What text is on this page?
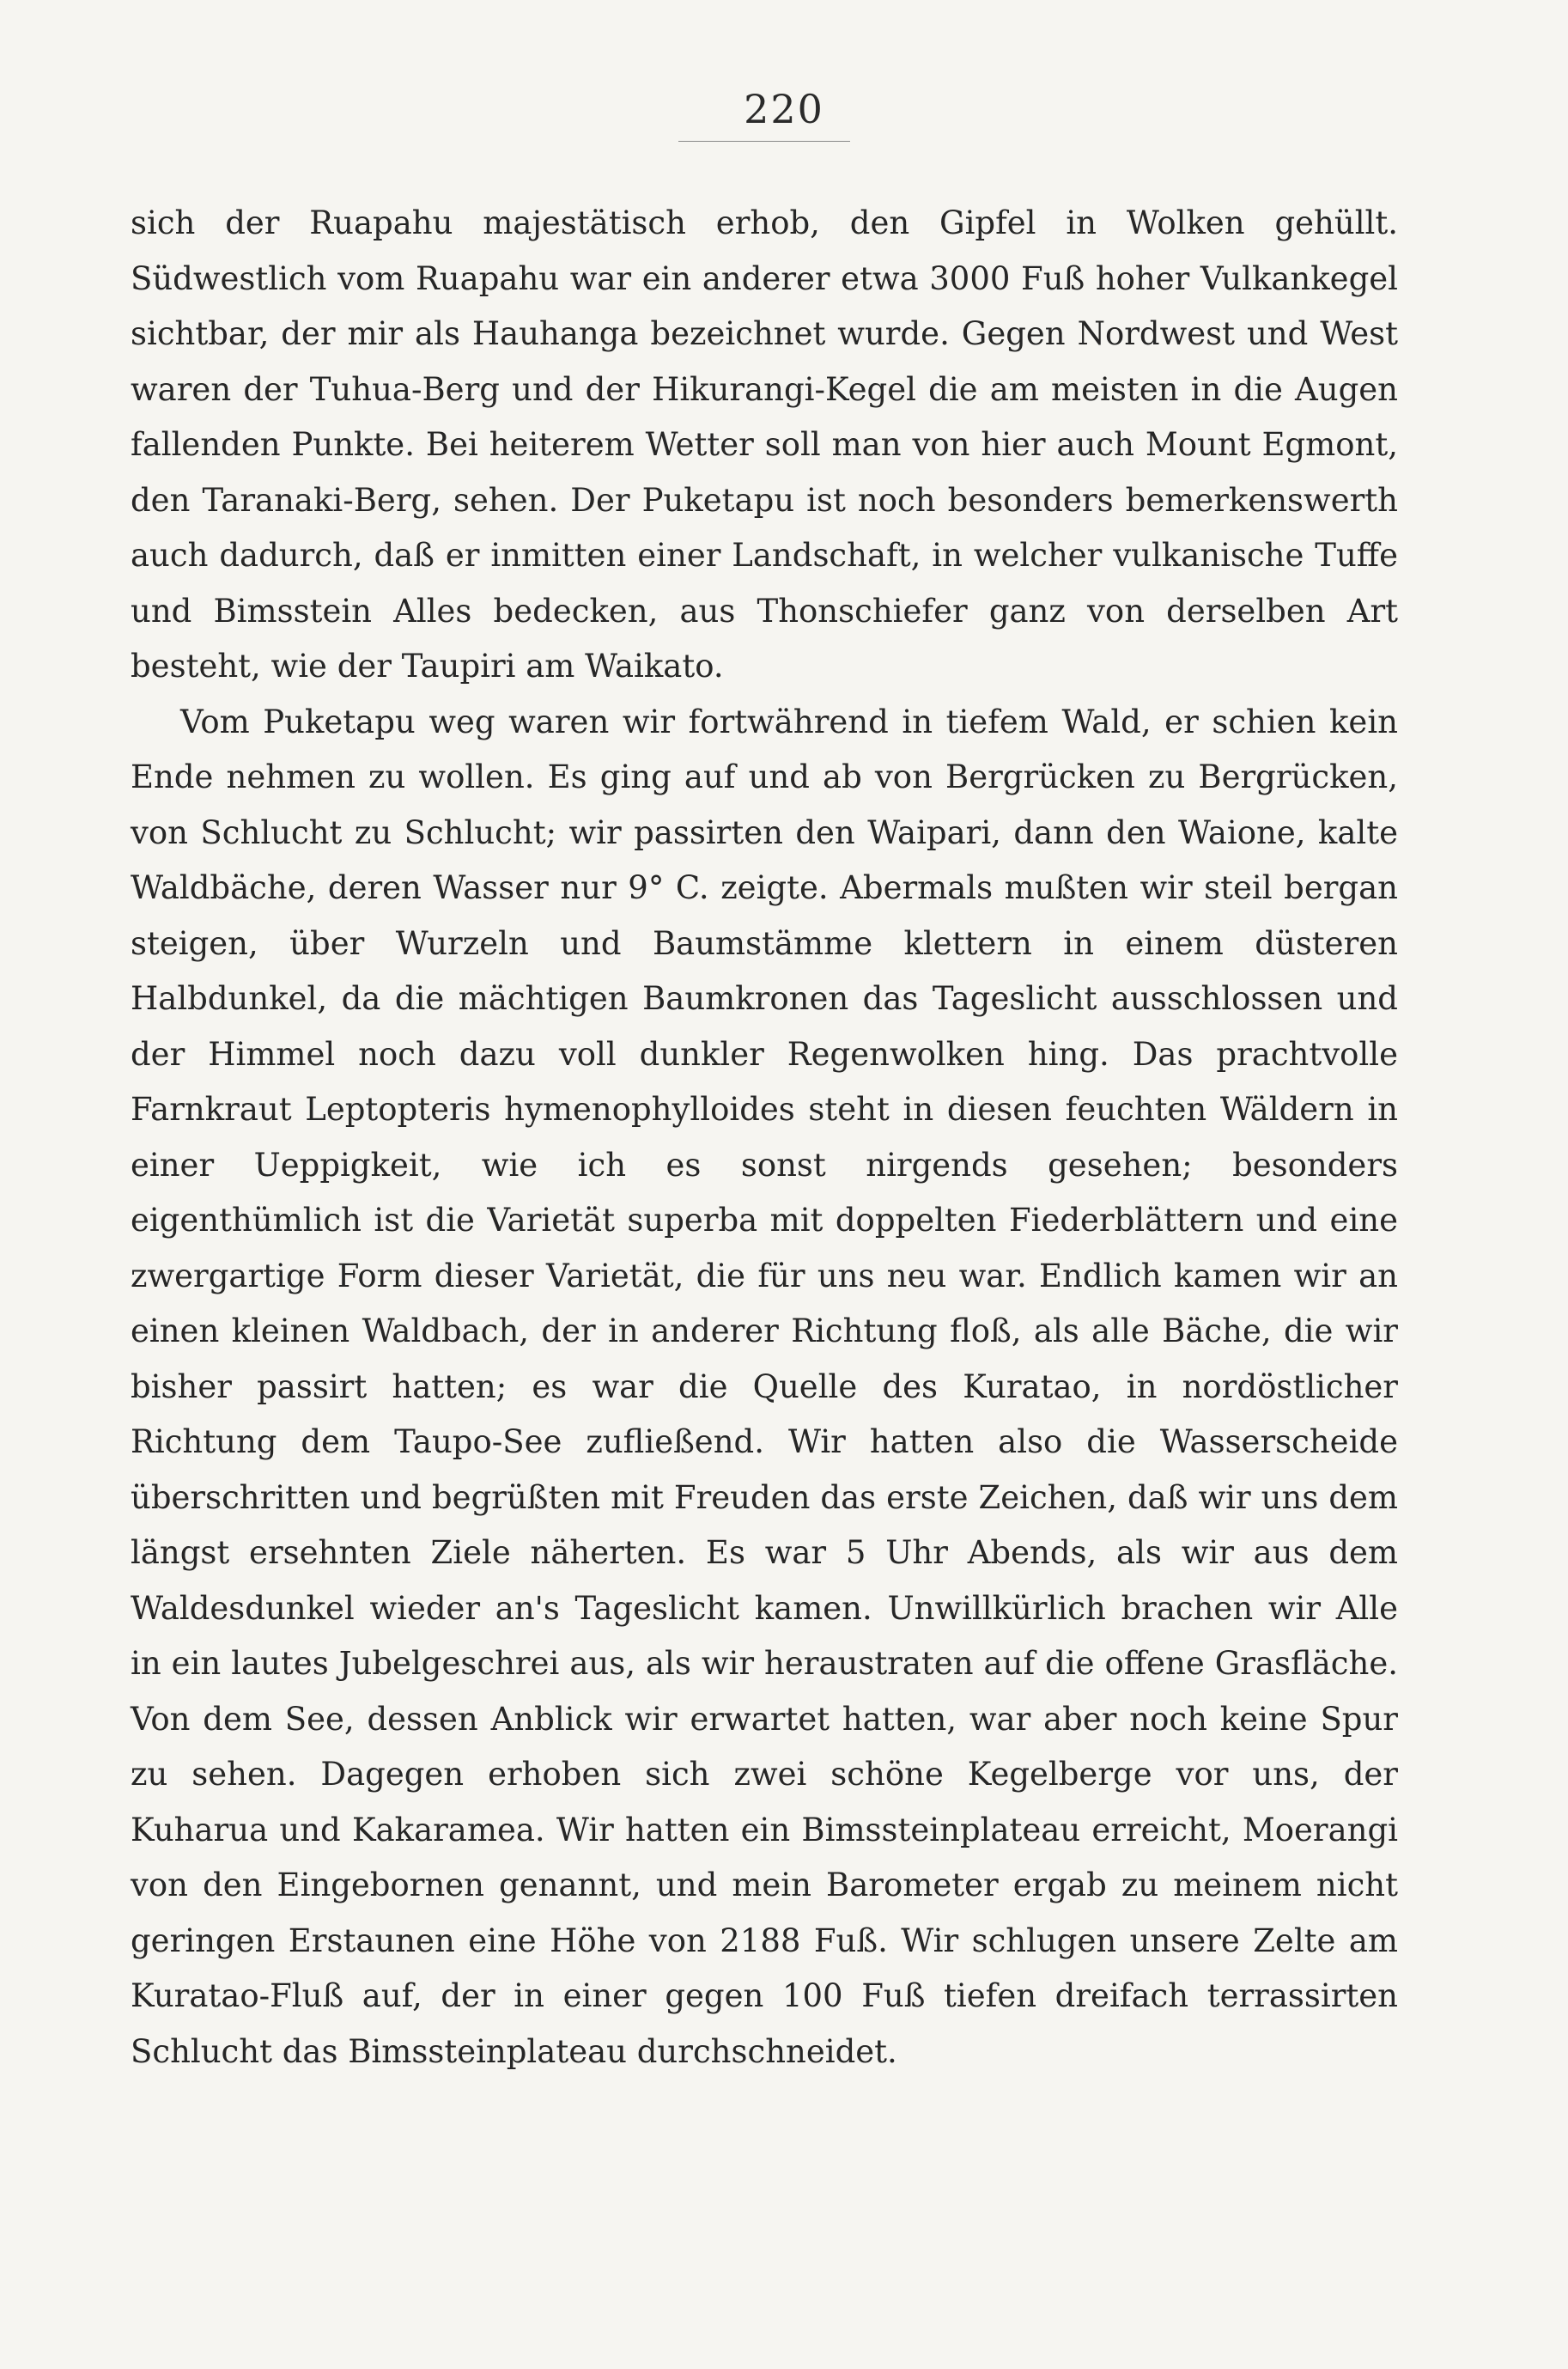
220

sich der Ruapahu majestätisch erhob, den Gipfel in Wolken gehüllt. Südwestlich vom Ruapahu war ein anderer etwa 3000 Fuß hoher Vulkankegel sichtbar, der mir als Hauhanga bezeichnet wurde. Gegen Nordwest und West waren der Tuhua-Berg und der Hikurangi-Kegel die am meisten in die Augen fallenden Punkte. Bei heiterem Wetter soll man von hier auch Mount Egmont, den Taranaki-Berg, sehen. Der Puketapu ist noch besonders bemerkenswerth auch dadurch, daß er inmitten einer Landschaft, in welcher vulkanische Tuffe und Bimsstein Alles bedecken, aus Thonschiefer ganz von derselben Art besteht, wie der Taupiri am Waikato.

Vom Puketapu weg waren wir fortwährend in tiefem Wald, er schien kein Ende nehmen zu wollen. Es ging auf und ab von Bergrücken zu Bergrücken, von Schlucht zu Schlucht; wir passirten den Waipari, dann den Waione, kalte Waldbäche, deren Wasser nur 9° C. zeigte. Abermals mußten wir steil bergan steigen, über Wurzeln und Baumstämme klettern in einem düsteren Halbdunkel, da die mächtigen Baumkronen das Tageslicht ausschlossen und der Himmel noch dazu voll dunkler Regenwolken hing. Das prachtvolle Farnkraut Leptopteris hymenophylloides steht in diesen feuchten Wäldern in einer Ueppigkeit, wie ich es sonst nirgends gesehen; besonders eigenthümlich ist die Varietät superba mit doppelten Fiederblättern und eine zwergartige Form dieser Varietät, die für uns neu war. Endlich kamen wir an einen kleinen Waldbach, der in anderer Richtung floß, als alle Bäche, die wir bisher passirt hatten; es war die Quelle des Kuratao, in nordöstlicher Richtung dem Taupo-See zufließend. Wir hatten also die Wasserscheide überschritten und begrüßten mit Freuden das erste Zeichen, daß wir uns dem längst ersehnten Ziele näherten. Es war 5 Uhr Abends, als wir aus dem Waldesdunkel wieder an's Tageslicht kamen. Unwillkürlich brachen wir Alle in ein lautes Jubelgeschrei aus, als wir heraustraten auf die offene Grasfläche. Von dem See, dessen Anblick wir erwartet hatten, war aber noch keine Spur zu sehen. Dagegen erhoben sich zwei schöne Kegelberge vor uns, der Kuharua und Kakaramea. Wir hatten ein Bimssteinplateau erreicht, Moerangi von den Eingebornen genannt, und mein Barometer ergab zu meinem nicht geringen Erstaunen eine Höhe von 2188 Fuß. Wir schlugen unsere Zelte am Kuratao-Fluß auf, der in einer gegen 100 Fuß tiefen dreifach terrassirten Schlucht das Bimssteinplateau durchschneidet.
